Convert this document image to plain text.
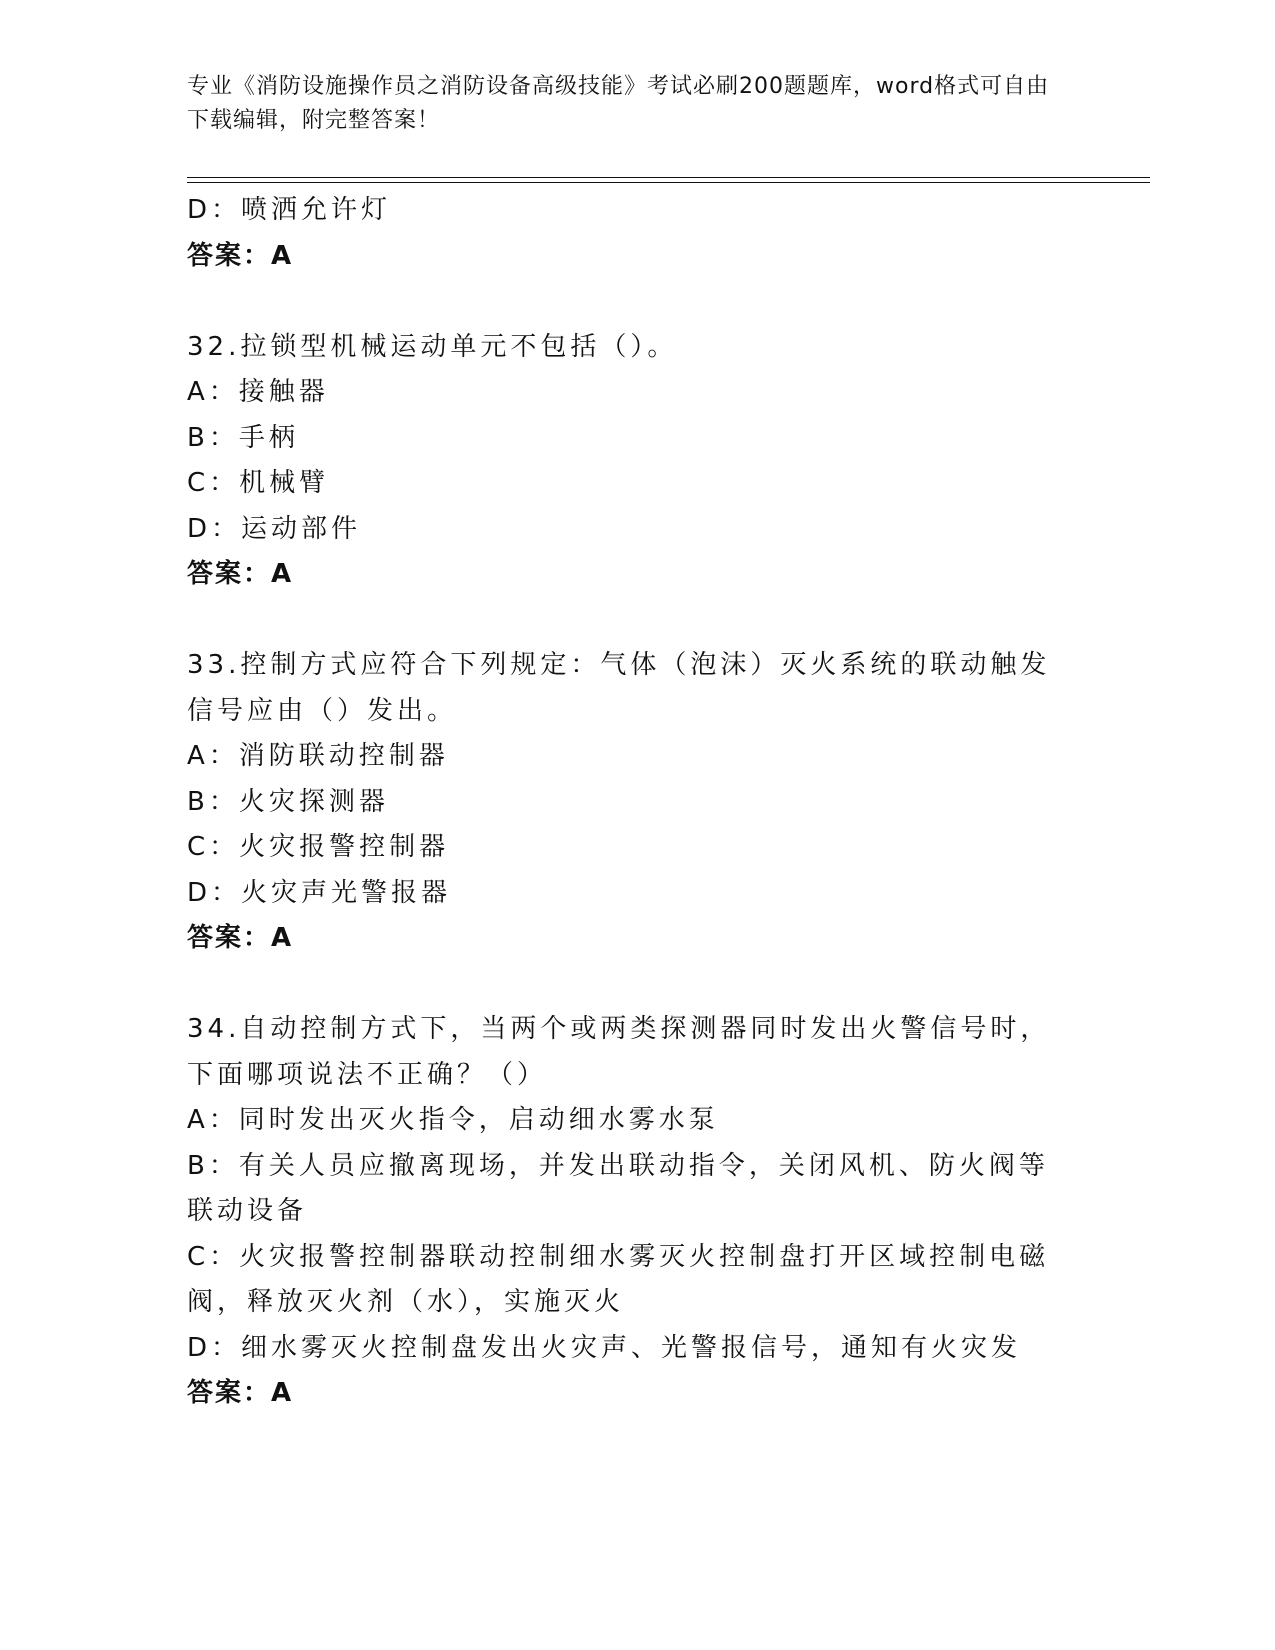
专业《消防设施操作员之消防设备高级技能》考试必刷200题题库，word格式可自由下载编辑，附完整答案！
D：喷洒允许灯
答案：A
32.拉锁型机械运动单元不包括（）。
A：接触器
B：手柄
C：机械臂
D：运动部件
答案：A
33.控制方式应符合下列规定：气体（泡沫）灭火系统的联动触发信号应由（）发出。
A：消防联动控制器
B：火灾探测器
C：火灾报警控制器
D：火灾声光警报器
答案：A
34.自动控制方式下，当两个或两类探测器同时发出火警信号时，下面哪项说法不正确？（）
A：同时发出灭火指令，启动细水雾水泵
B：有关人员应撤离现场，并发出联动指令，关闭风机、防火阀等联动设备
C：火灾报警控制器联动控制细水雾灭火控制盘打开区域控制电磁阀，释放灭火剂（水），实施灭火
D：细水雾灭火控制盘发出火灾声、光警报信号，通知有火灾发
答案：A
